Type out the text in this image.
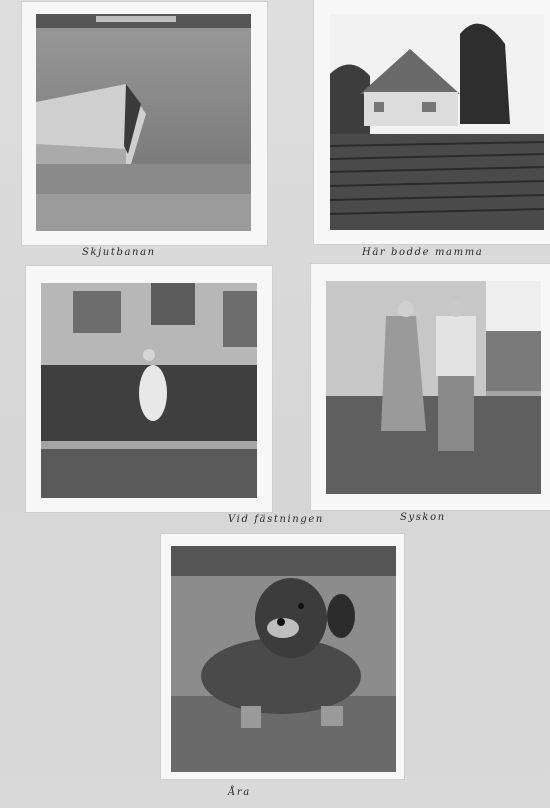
Skjutbanan	Här bodde mamma
Vid fästningen	Syskon
Åra
